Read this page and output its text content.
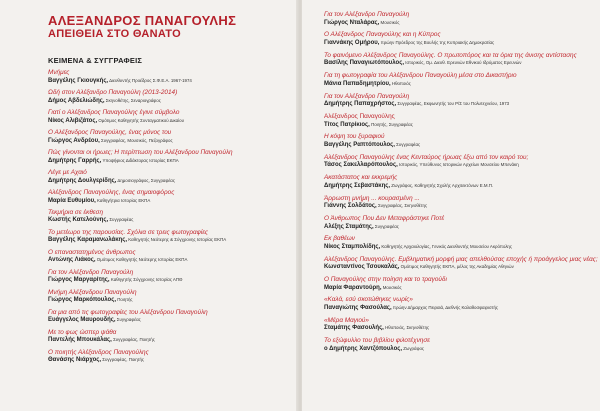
ΑΛΕΞΑΝΔΡΟΣ ΠΑΝΑΓΟΥΛΗΣ
ΑΠΕΙΘΕΙΑ ΣΤΟ ΘΑΝΑΤΟ
ΚΕΙΜΕΝΑ & ΣΥΓΓΡΑΦΕΙΣ
Μνήμες
Βαγγέλης Γκιουγκής, Διευθυντής Προέδρος Σ.Φ.Ε.Α. 1967-1974
Ωδή στον Αλέξανδρο Παναγούλη (2013-2014)
Δήμος Αβδελιώδης, Σκηνοθέτης, Σεναριογράφος
Γιατί ο Αλέξανδρος Παναγούλης έγινε σύμβολο
Νίκος Αλιβιζάτος, Ομότιμος Καθηγητής Συνταγματικού Δικαίου
Ο Αλέξανδρος Παναγούλης, ένας μόνος του
Γιώργος Ανδρέου, Συγγραφέας, Μουσικός, Πεζογράφος
Πώς γίνονται οι ήρωες; Η περίπτωση του Αλέξανδρου Παναγούλη
Δημήτρης Γαρρής, Υποψήφιος Διδάκτορας Ιστορίας ΕΚΠΑ
Λέγε με Αχαιό
Δημήτρης Δουλγερίδης, Δημοσιογράφος, Συγγραφέας
Αλέξανδρος Παναγούλης, ένας σημαιοφόρος
Μαρία Ευθυμίου, Καθηγήτρια Ιστορίας ΕΚΠΑ
Τεκμήρια σε έκθεση
Κωστής Κατελούνης, Συγγραφέας
Το μετέωρο της παρουσίας. Σχόλια σε τρεις φωτογραφίες
Βαγγέλης Καραμανωλάκης, Καθηγητής Νεότερης & Σύγχρονης Ιστορίας ΕΚΠΑ
Ο επαναστατημένος άνθρωπος
Αντώνης Λιάκος, Ομότιμος Καθηγητής Νεότερης Ιστορίας ΕΚΠΑ
Για τον Αλέξανδρο Παναγούλη
Γιώργος Μαργαρίτης, Καθηγητής Σύγχρονης Ιστορίας ΑΠΘ
Μνήμη Αλέξανδρου Παναγούλη
Γιώργος Μαρκόπουλος, Ποιητής
Για μια από τις φωτογραφίες του Αλέξανδρου Παναγούλη
Ευάγγελος Μαυρουδής, Συγγραφέας
Με το φως ώσπερ ψάθα
Παντελής Μπουκάλας, Συγγραφέας, Ποιητής
Ο ποιητής Αλέξανδρος Παναγούλης
Θανάσης Νιάρχος, Συγγραφέας, Ποιητής
Για τον Αλέξανδρο Παναγούλη
Γιώργος Νταλάρας, Μουσικός
Ο Αλέξανδρος Παναγούλης και η Κύπρος
Γιαννάκης Ομήρου, πρώην Πρόεδρος της Βουλής της Κυπριακής Δημοκρατίας
Το φαινόμενο Αλέξανδρος Παναγούλης. Ο πρωτοπόρος και τα όρια της άνισης αντίστασης
Βασίλης Παναγιωτόπουλος, Ιστορικός, Ομ. Διευθ. Ερευνών Εθνικού Ιδρύματος Ερευνών
Για τη φωτογραφία του Αλέξανδρου Παναγούλη μέσα στο Δικαστήριο
Μάνια Παπαδημητρίου, Ηθοποιός
Για τον Αλέξανδρο Παναγούλη
Δημήτρης Παπαχρήστος, Συγγραφέας, Εκφωνητής του Ρ/Σ του Πολυτεχνείου, 1973
Αλέξανδρος Παναγούλης
Τίτος Πατρίκιος, Ποιητής, Συγγραφέας
Η κόψη του ξυραφιού
Βαγγέλης Ραπτόπουλος, Συγγραφέας
Αλέξανδρος Παναγούλης ένας Κενταύρος ήρωας έξω από τον καιρό του;
Τάσος Σακελλαρόπουλος, Ιστορικός, Υπεύθυνος Ιστορικών Αρχείων Μουσείου Μπενάκη
Ακατάστατος και εκκρεμής
Δημήτρης Σεβαστάκης, Ζωγράφος, Καθηγητής Σχολής Αρχιτεκτόνων Ε.Μ.Π.
Άρρωστη μνήμη ... κουρασμένη ...
Γιάννης Σολδάτος, Συγγραφέας, Σκηνοθέτης
Ο Άνθρωπος Που Δεν Μεταφράστηκε Ποτέ
Αλέξης Σταμάτης, Συγγραφέας
Εκ βαθέων
Νίκος Σταμπολίδης, Καθηγητής Αρχαιολογίας, Γενικός Διευθυντής Μουσείου Ακρόπολης
Αλέξανδρος Παναγούλης. Εμβληματική μορφή μιας απελθούσας εποχής ή προάγγελος μιας νέας;
Κωνσταντίνος Τσουκαλάς, Ομότιμος Καθηγητής ΕΚΠΑ, μέλος της Ακαδημίας Αθηνών
Ο Παναγούλης στην ποίηση και το τραγούδι
Μαρία Φαραντούρη, Μουσικός
«Καλά, εσύ σκοτώθηκες νωρίς»
Παναγιώτης Φασούλας, πρώην Δήμαρχος Πειραιά, Διεθνής Καλαθοσφαιριστής
«Μέρα Μαγιού»
Σταμάτης Φασουλής, Ηθοποιός, Σκηνοθέτης
Το εξώφυλλο του βιβλίου φιλοτέχνησε
ο Δημήτρης Χαντζόπουλος, Ζωγράφος
